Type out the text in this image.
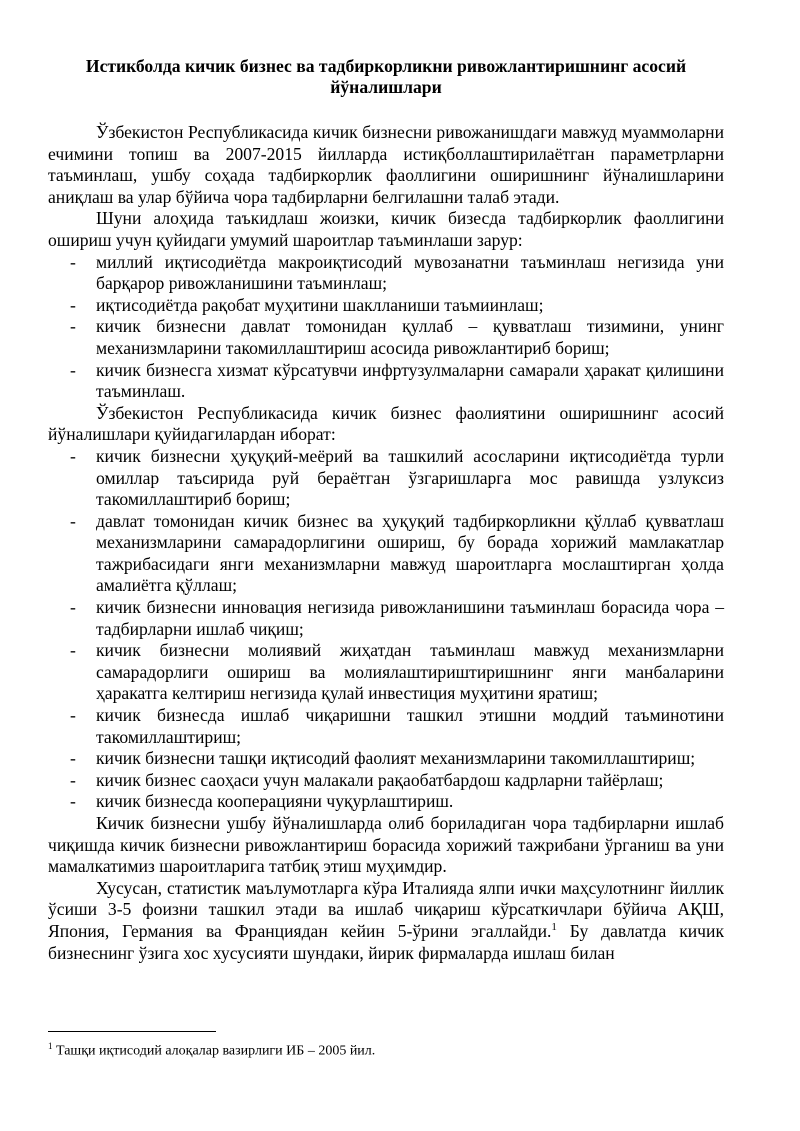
Истикболда кичик бизнес ва тадбиркорликни ривожлантиришнинг асосий
йўналишлари

Ўзбекистон Республикасида кичик бизнесни ривожанишдаги мавжуд муаммоларни ечимини топиш ва 2007-2015 йилларда истиқболлаштирилаётган параметрларни таъминлаш, ушбу соҳада тадбиркорлик фаоллигини оширишнинг йўналишларини аниқлаш ва улар бўйича чора тадбирларни белгилашни талаб этади.

Шуни алоҳида таъкидлаш жоизки, кичик бизесда тадбиркорлик фаоллигини ошириш учун қуйидаги умумий шароитлар таъминлаши зарур:

- миллий иқтисодиётда макроиқтисодий мувозанатни таъминлаш негизида уни барқарор ривожланишини таъминлаш;
- иқтисодиётда рақобат муҳитини шаклланиши таъмиинлаш;
- кичик бизнесни давлат томонидан қуллаб – қувватлаш тизимини, унинг механизмларини такомиллаштириш асосида ривожлантириб бориш;
- кичик бизнесга хизмат кўрсатувчи инфртузулмаларни самарали ҳаракат қилишини таъминлаш.

Ўзбекистон Республикасида кичик бизнес фаолиятини оширишнинг асосий йўналишлари қуйидагилардан иборат:

- кичик бизнесни ҳуқуқий-меёрий ва ташкилий асосларини иқтисодиётда турли омиллар таъсирида руй бераётган ўзгаришларга мос равишда узлуксиз такомиллаштириб бориш;
- давлат томонидан кичик бизнес ва ҳуқуқий тадбиркорликни қўллаб қувватлаш механизмларини самарадорлигини ошириш, бу борада хорижий мамлакатлар тажрибасидаги янги механизмларни мавжуд шароитларга мослаштирган ҳолда амалиётга қўллаш;
- кичик бизнесни инновация негизида ривожланишини таъминлаш борасида чора – тадбирларни ишлаб чиқиш;
- кичик бизнесни молиявий жиҳатдан таъминлаш мавжуд механизмларни самарадорлиги ошириш ва молиялаштириштиришнинг янги манбаларини ҳаракатга келтириш негизида қулай инвестиция муҳитини яратиш;
- кичик бизнесда ишлаб чиқаришни ташкил этишни моддий таъминотини такомиллаштириш;
- кичик бизнесни ташқи иқтисодий фаолият механизмларини такомиллаштириш;
- кичик бизнес саоҳаси учун малакали рақаобатбардош кадрларни тайёрлаш;
- кичик бизнесда кооперацияни чуқурлаштириш.

Кичик бизнесни ушбу йўналишларда олиб бориладиган чора тадбирларни ишлаб чиқишда кичик бизнесни ривожлантириш борасида хорижий тажрибани ўрганиш ва уни мамалкатимиз шароитларига татбиқ этиш муҳимдир.

Хусусан, статистик маълумотларга кўра Италияда ялпи ички маҳсулотнинг йиллик ўсиши 3-5 фоизни ташкил этади ва ишлаб чиқариш кўрсаткичлари бўйича АҚШ, Япония, Германия ва Франциядан кейин 5-ўрини эгаллайди.$^1$ Бу давлатда кичик бизнеснинг ўзига хос хусусияти шундаки, йирик фирмаларда ишлаш билан

$^1$ Ташқи иқтисодий алоқалар вазирлиги ИБ – 2005 йил.
